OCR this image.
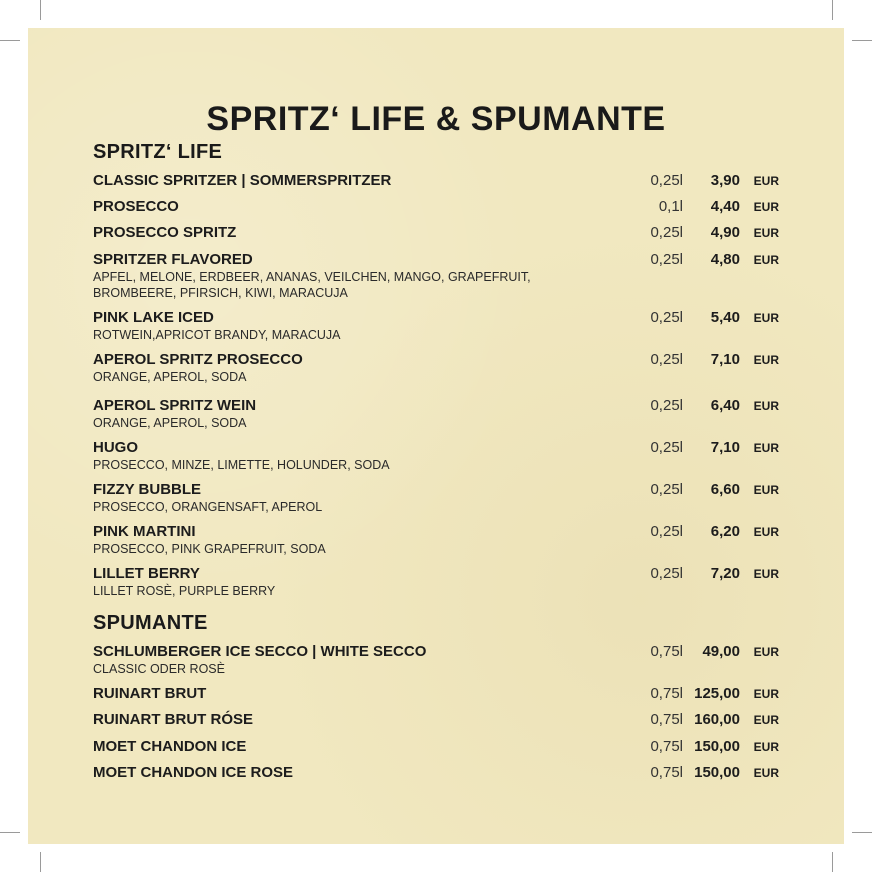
SPRITZ‘ LIFE & SPUMANTE
SPRITZ‘ LIFE
CLASSIC SPRITZER | SOMMERSPRITZER	0,25l	3,90 EUR
PROSECCO	0,1l	4,40 EUR
PROSECCO SPRITZ	0,25l	4,90 EUR
SPRITZER FLAVORED
APFEL, MELONE, ERDBEER, ANANAS, VEILCHEN, MANGO, GRAPEFRUIT, BROMBEERE, PFIRSICH, KIWI, MARACUJA
0,25l	4,80 EUR
PINK LAKE ICED
ROTWEIN,APRICOT BRANDY, MARACUJA
0,25l	5,40 EUR
APEROL SPRITZ PROSECCO
ORANGE, APEROL, SODA
0,25l	7,10 EUR
APEROL SPRITZ WEIN
ORANGE, APEROL, SODA
0,25l	6,40 EUR
HUGO
PROSECCO, MINZE, LIMETTE, HOLUNDER, SODA
0,25l	7,10 EUR
FIZZY BUBBLE
PROSECCO, ORANGENSAFT, APEROL
0,25l	6,60 EUR
PINK MARTINI
PROSECCO, PINK GRAPEFRUIT, SODA
0,25l	6,20 EUR
LILLET BERRY
LILLET ROSÈ, PURPLE BERRY
0,25l	7,20 EUR
SPUMANTE
SCHLUMBERGER ICE SECCO | WHITE SECCO
CLASSIC ODER ROSÈ
0,75l	49,00 EUR
RUINART BRUT	0,75l 125,00 EUR
RUINART BRUT RÓSE	0,75l 160,00 EUR
MOET CHANDON ICE	0,75l 150,00 EUR
MOET CHANDON ICE ROSE	0,75l 150,00 EUR
